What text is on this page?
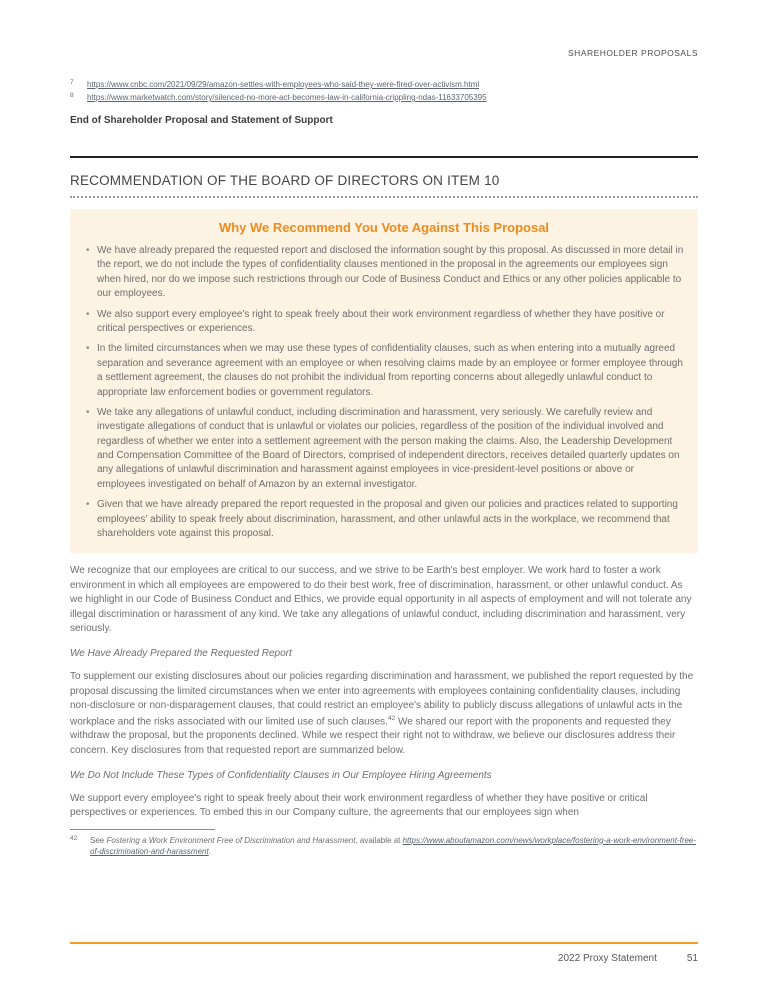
SHAREHOLDER PROPOSALS
7	https://www.cnbc.com/2021/09/29/amazon-settles-with-employees-who-said-they-were-fired-over-activism.html
8	https://www.marketwatch.com/story/silenced-no-more-act-becomes-law-in-california-crippling-ndas-11633705395
End of Shareholder Proposal and Statement of Support
RECOMMENDATION OF THE BOARD OF DIRECTORS ON ITEM 10
Why We Recommend You Vote Against This Proposal
• We have already prepared the requested report and disclosed the information sought by this proposal. As discussed in more detail in the report, we do not include the types of confidentiality clauses mentioned in the proposal in the agreements our employees sign when hired, nor do we impose such restrictions through our Code of Business Conduct and Ethics or any other policies applicable to our employees.
• We also support every employee's right to speak freely about their work environment regardless of whether they have positive or critical perspectives or experiences.
• In the limited circumstances when we may use these types of confidentiality clauses, such as when entering into a mutually agreed separation and severance agreement with an employee or when resolving claims made by an employee or former employee through a settlement agreement, the clauses do not prohibit the individual from reporting concerns about allegedly unlawful conduct to appropriate law enforcement bodies or government regulators.
• We take any allegations of unlawful conduct, including discrimination and harassment, very seriously. We carefully review and investigate allegations of conduct that is unlawful or violates our policies, regardless of the position of the individual involved and regardless of whether we enter into a settlement agreement with the person making the claims. Also, the Leadership Development and Compensation Committee of the Board of Directors, comprised of independent directors, receives detailed quarterly updates on any allegations of unlawful discrimination and harassment against employees in vice-president-level positions or above or employees investigated on behalf of Amazon by an external investigator.
• Given that we have already prepared the report requested in the proposal and given our policies and practices related to supporting employees' ability to speak freely about discrimination, harassment, and other unlawful acts in the workplace, we recommend that shareholders vote against this proposal.

We recognize that our employees are critical to our success, and we strive to be Earth's best employer. We work hard to foster a work environment in which all employees are empowered to do their best work, free of discrimination, harassment, or other unlawful conduct. As we highlight in our Code of Business Conduct and Ethics, we provide equal opportunity in all aspects of employment and will not tolerate any illegal discrimination or harassment of any kind. We take any allegations of unlawful conduct, including discrimination and harassment, very seriously.

We Have Already Prepared the Requested Report

To supplement our existing disclosures about our policies regarding discrimination and harassment, we published the report requested by the proposal discussing the limited circumstances when we enter into agreements with employees containing confidentiality clauses, including non-disclosure or non-disparagement clauses, that could restrict an employee's ability to publicly discuss allegations of unlawful acts in the workplace and the risks associated with our limited use of such clauses.$^{42}$ We shared our report with the proponents and requested they withdraw the proposal, but the proponents declined. While we respect their right not to withdraw, we believe our disclosures address their concern. Key disclosures from that requested report are summarized below.

We Do Not Include These Types of Confidentiality Clauses in Our Employee Hiring Agreements

We support every employee's right to speak freely about their work environment regardless of whether they have positive or critical perspectives or experiences. To embed this in our Company culture, the agreements that our employees sign when

42	See Fostering a Work Environment Free of Discrimination and Harassment, available at https://www.aboutamazon.com/news/workplace/fostering-a-work-environment-free-of-discrimination-and-harassment.
2022 Proxy Statement	51
